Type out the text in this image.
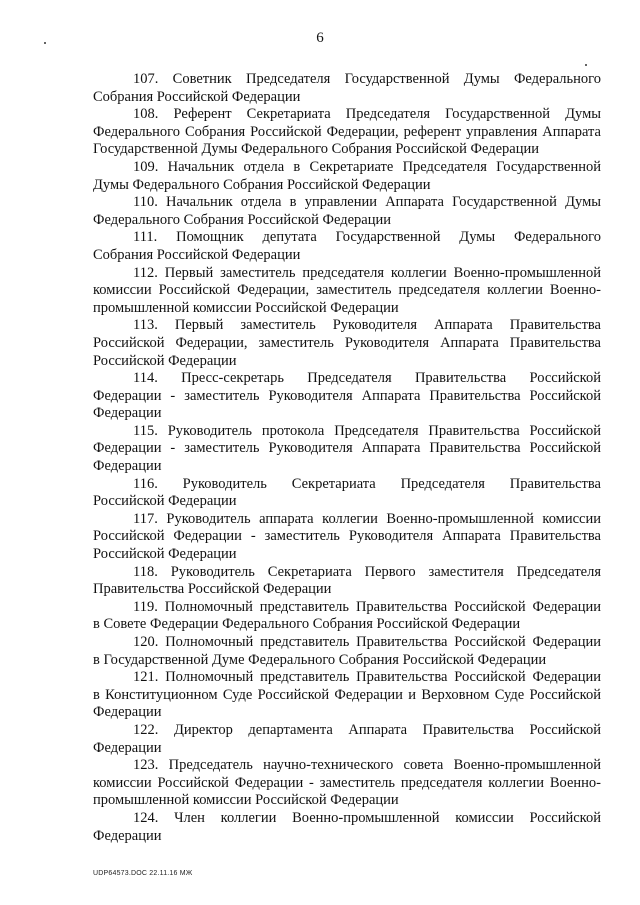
6
107. Советник Председателя Государственной Думы Федерального
Собрания Российской Федерации
108. Референт Секретариата Председателя Государственной Думы
Федерального Собрания Российской Федерации, референт управления Аппарата
Государственной Думы Федерального Собрания Российской Федерации
109. Начальник отдела в Секретариате Председателя Государственной
Думы Федерального Собрания Российской Федерации
110. Начальник отдела в управлении Аппарата Государственной Думы
Федерального Собрания Российской Федерации
111. Помощник депутата Государственной Думы Федерального
Собрания Российской Федерации
112. Первый заместитель председателя коллегии Военно-промышленной
комиссии Российской Федерации, заместитель председателя коллегии Военно-
промышленной комиссии Российской Федерации
113. Первый заместитель Руководителя Аппарата Правительства
Российской Федерации, заместитель Руководителя Аппарата Правительства
Российской Федерации
114. Пресс-секретарь Председателя Правительства Российской
Федерации - заместитель Руководителя Аппарата Правительства Российской
Федерации
115. Руководитель протокола Председателя Правительства Российской
Федерации - заместитель Руководителя Аппарата Правительства Российской
Федерации
116. Руководитель Секретариата Председателя Правительства
Российской Федерации
117. Руководитель аппарата коллегии Военно-промышленной комиссии
Российской Федерации - заместитель Руководителя Аппарата Правительства
Российской Федерации
118. Руководитель Секретариата Первого заместителя Председателя
Правительства Российской Федерации
119. Полномочный представитель Правительства Российской Федерации
в Совете Федерации Федерального Собрания Российской Федерации
120. Полномочный представитель Правительства Российской Федерации
в Государственной Думе Федерального Собрания Российской Федерации
121. Полномочный представитель Правительства Российской Федерации
в Конституционном Суде Российской Федерации и Верховном Суде Российской
Федерации
122. Директор департамента Аппарата Правительства Российской
Федерации
123. Председатель научно-технического совета Военно-промышленной
комиссии Российской Федерации - заместитель председателя коллегии Военно-
промышленной комиссии Российской Федерации
124. Член коллегии Военно-промышленной комиссии Российской
Федерации
UDP64573.DOC 22.11.16 МЖ
